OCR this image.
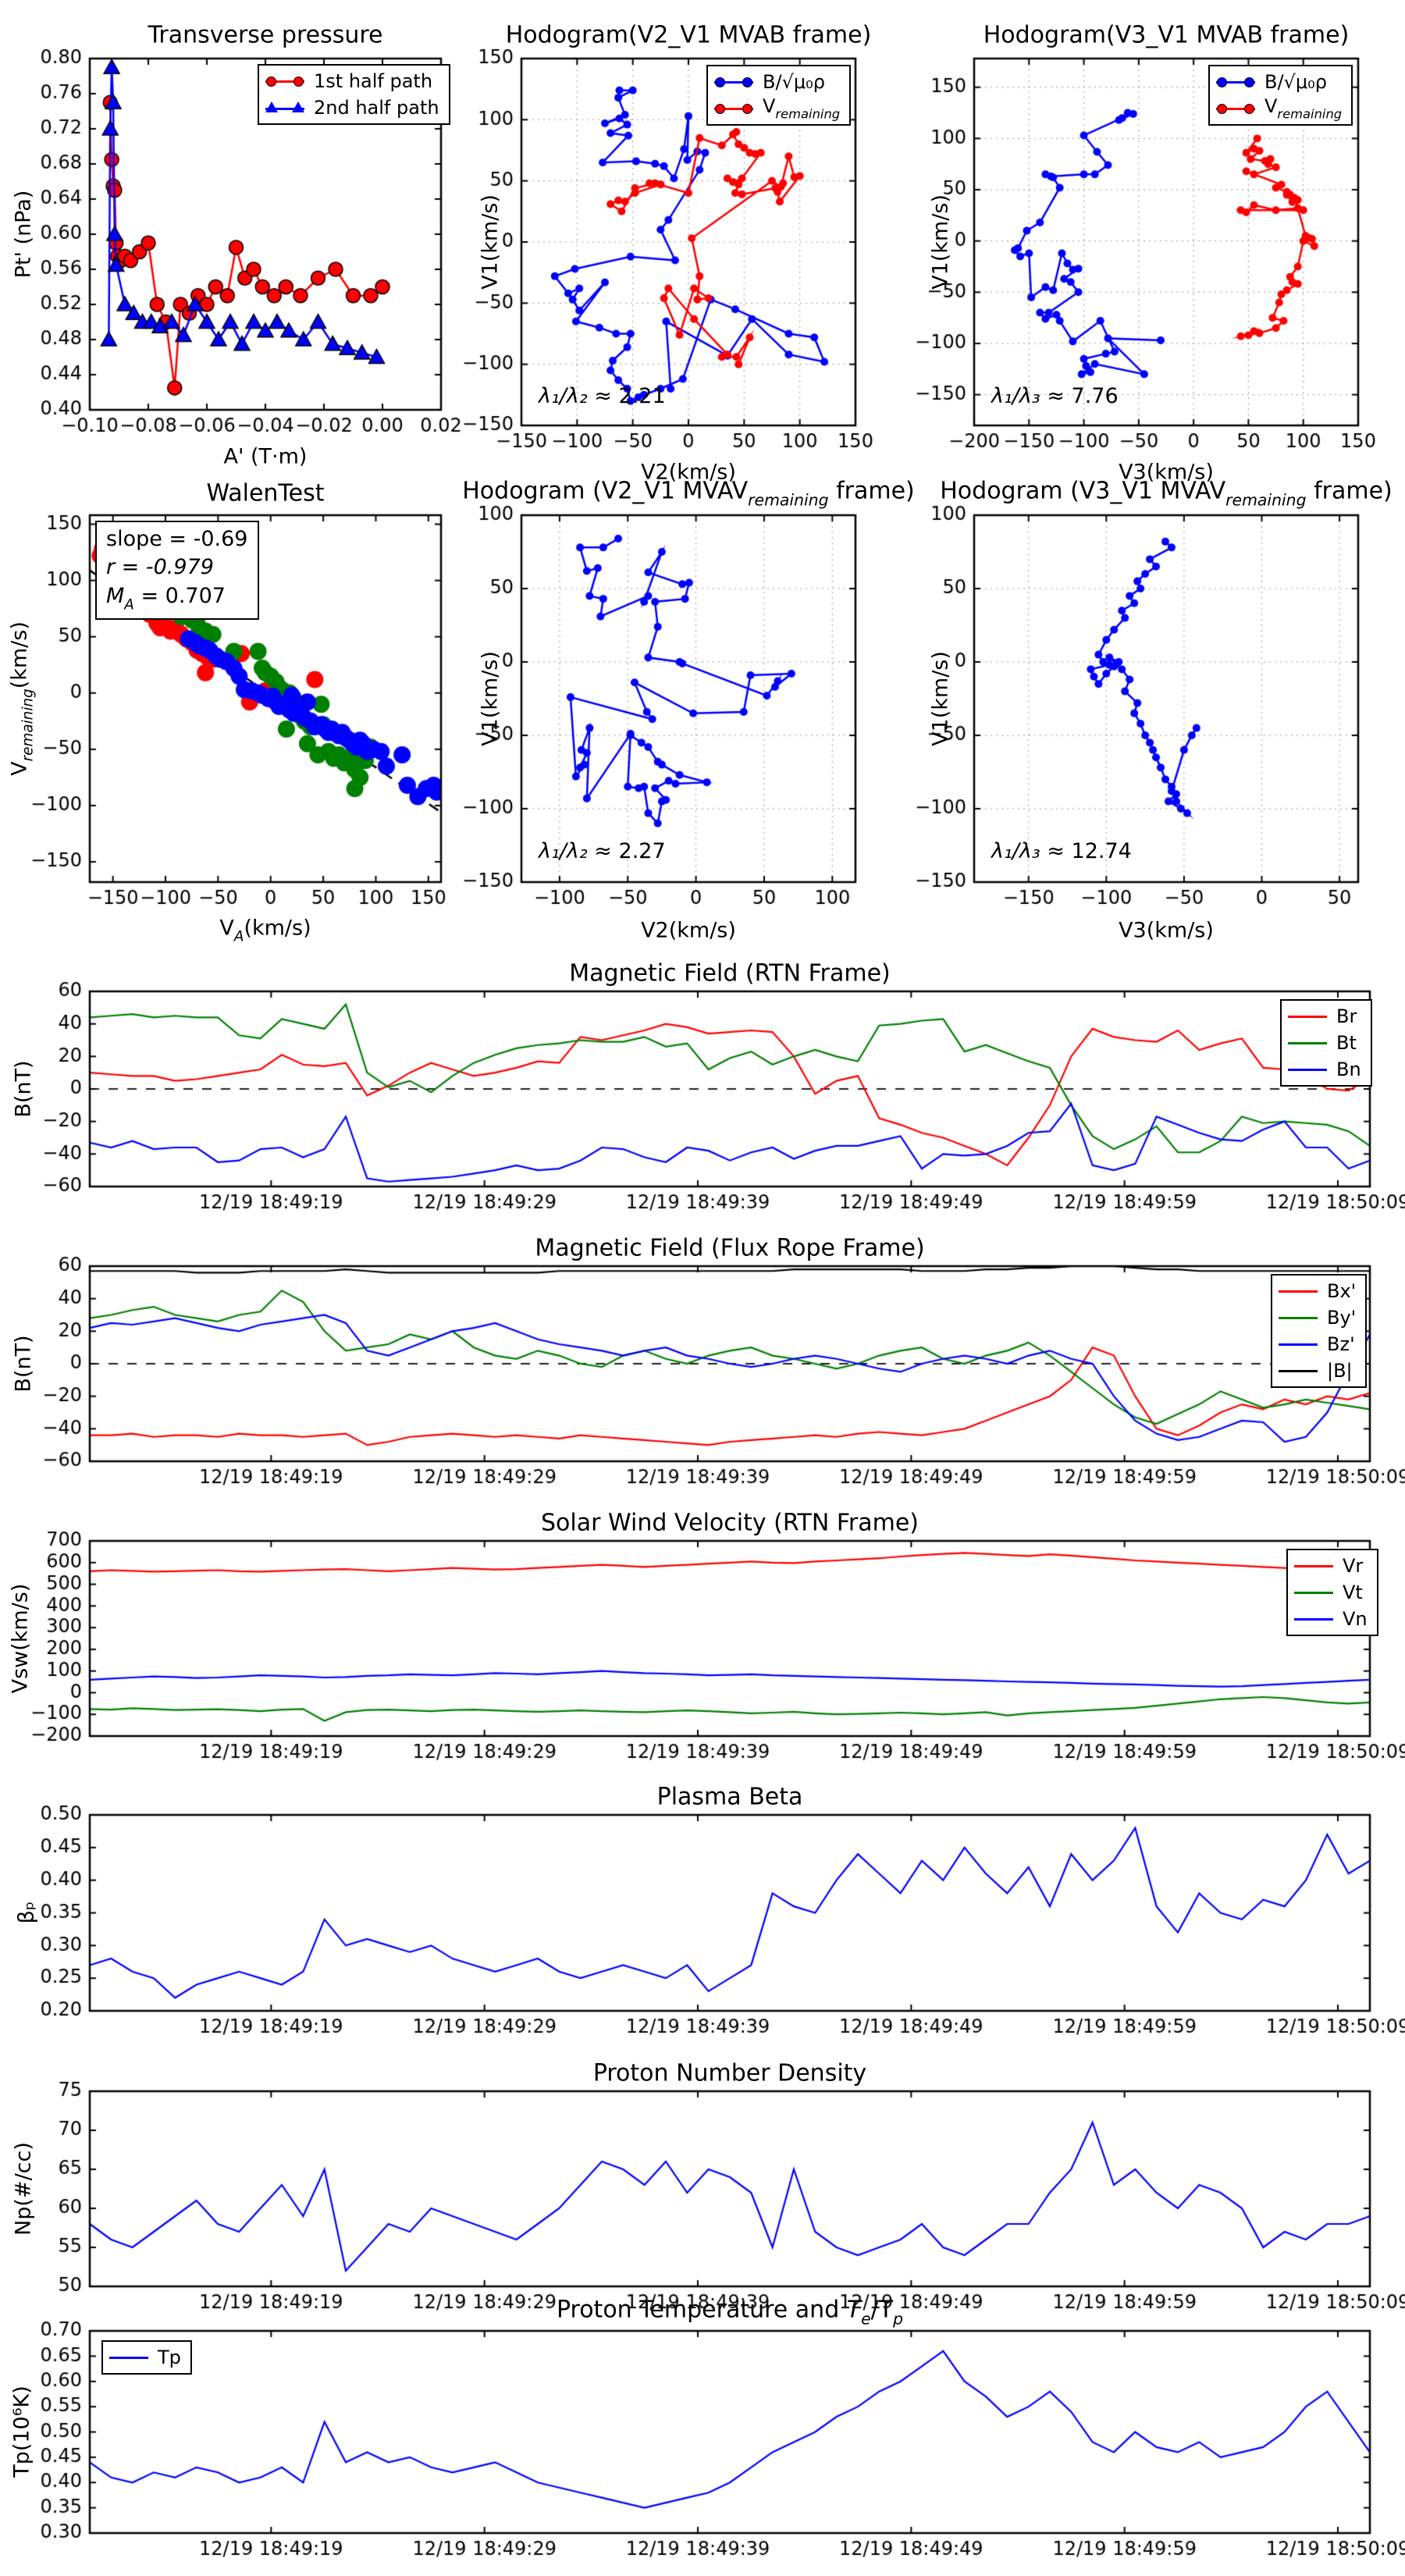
Transverse pressure
Pt' (nPa)
A' (T·m)
1st half path
2nd half path
Hodogram(V2_V1 MVAB frame)
V1(km/s)
V2(km/s)
B/√μ₀ρ
$V_{remaining}$
λ₁/λ₂ ≈ 2.21
Hodogram(V3_V1 MVAB frame)
V1(km/s)
V3(km/s)
B/√μ₀ρ
$V_{remaining}$
λ₁/λ₃ ≈ 7.76
WalenTest
$V_{remaining}(km/s)$
$V_A(km/s)$
slope = -0.69
r = -0.979
$M_A = 0.707$
Hodogram (V2_V1 $MVAV_{remaining}$ frame)
V1(km/s)
V2(km/s)
λ₁/λ₂ ≈ 2.27
Hodogram (V3_V1 $MVAV_{remaining}$ frame)
V1(km/s)
V3(km/s)
λ₁/λ₃ ≈ 12.74
Magnetic Field (RTN Frame)
B(nT)
Br
Bt
Bn
Magnetic Field (Flux Rope Frame)
B(nT)
Bx'
By'
Bz'
|B|
Solar Wind Velocity (RTN Frame)
Vsw(km/s)
Vr
Vt
Vn
Plasma Beta
βₚ
Proton Number Density
Np(#/cc)
Proton Temperature and $T_e/T_p$
Tp(10⁶K)
Tp
